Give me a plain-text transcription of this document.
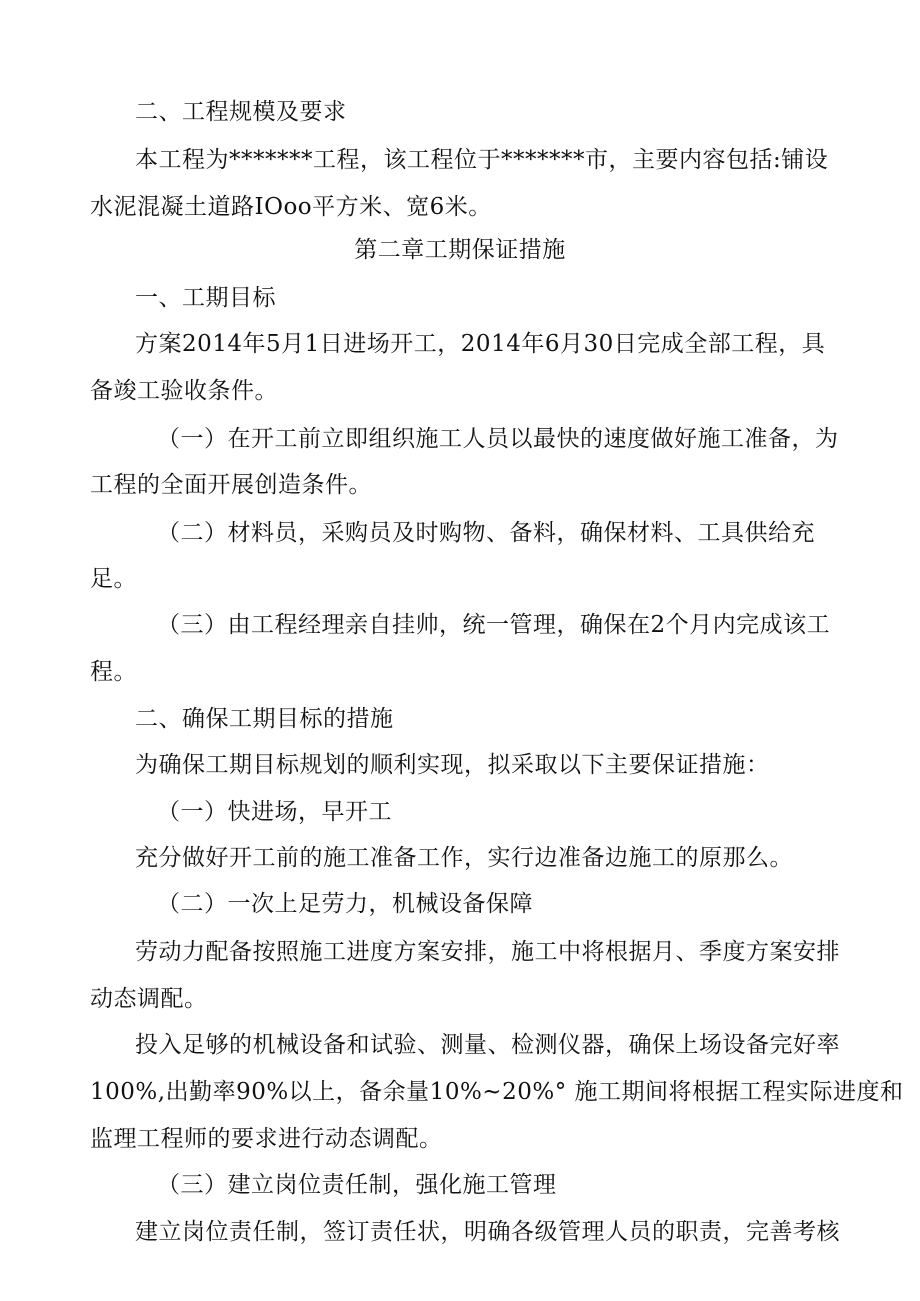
二、工程规模及要求
本工程为*******工程，该工程位于*******市，主要内容包括:铺设
水泥混凝土道路IOoo平方米、宽6米。
第二章工期保证措施
一、工期目标
方案2014年5月1日进场开工，2014年6月30日完成全部工程，具
备竣工验收条件。
（一）在开工前立即组织施工人员以最快的速度做好施工准备，为
工程的全面开展创造条件。
（二）材料员，采购员及时购物、备料，确保材料、工具供给充
足。
（三）由工程经理亲自挂帅，统一管理，确保在2个月内完成该工
程。
二、确保工期目标的措施
为确保工期目标规划的顺利实现，拟采取以下主要保证措施：
（一）快进场，早开工
充分做好开工前的施工准备工作，实行边准备边施工的原那么。
（二）一次上足劳力，机械设备保障
劳动力配备按照施工进度方案安排，施工中将根据月、季度方案安排
动态调配。
投入足够的机械设备和试验、测量、检测仪器，确保上场设备完好率
100%,出勤率90%以上，备余量10%~20%° 施工期间将根据工程实际进度和
监理工程师的要求进行动态调配。
（三）建立岗位责任制，强化施工管理
建立岗位责任制，签订责任状，明确各级管理人员的职责，完善考核
